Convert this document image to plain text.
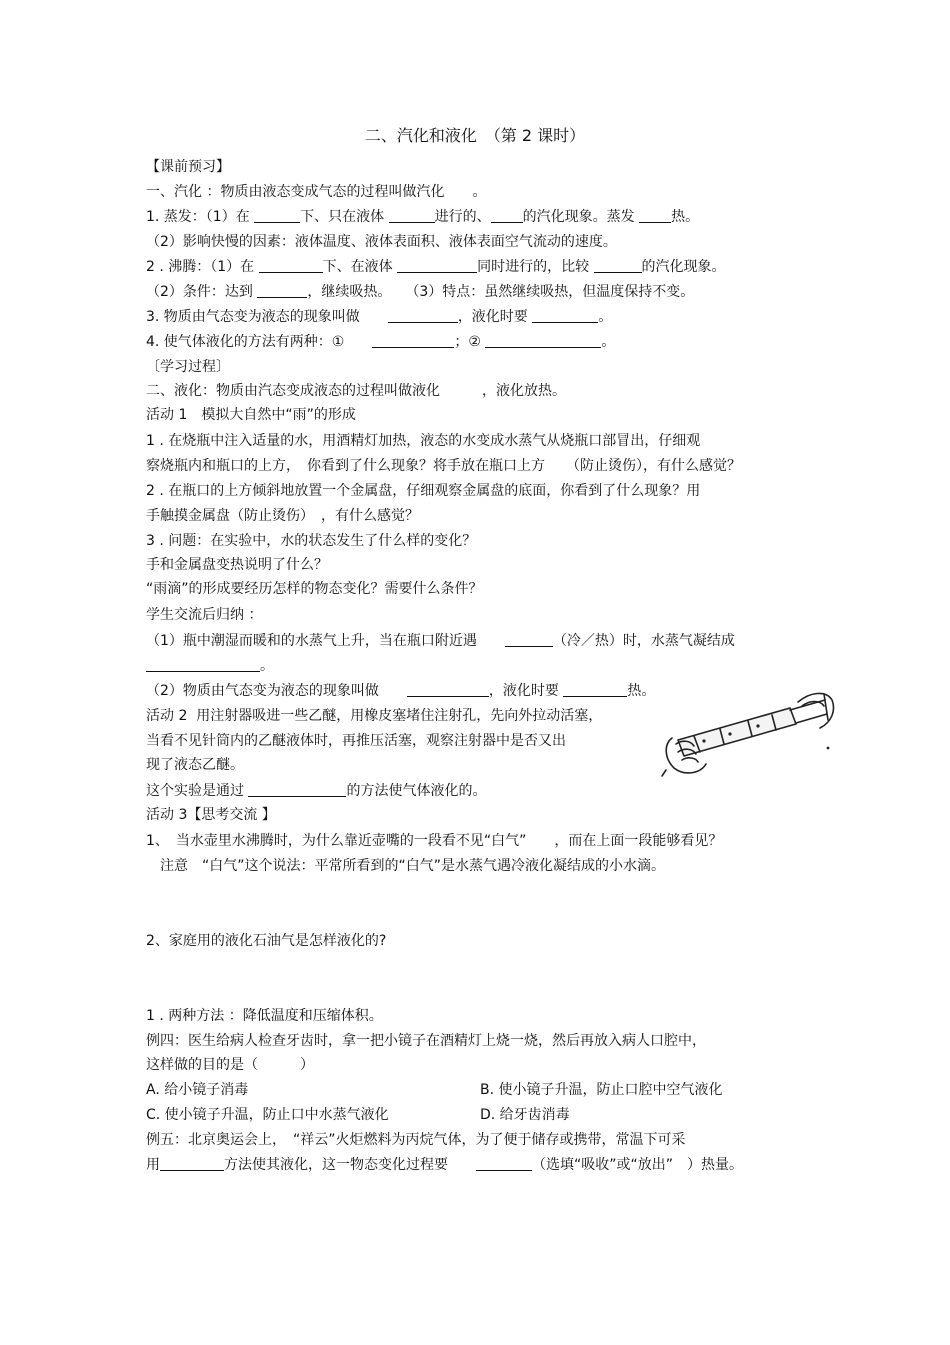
二、汽化和液化　（第 2 课时）
【课前预习】
一、汽化 ：物质由液态变成气态的过程叫做汽化　　。
1. 蒸发：（1）在	下、只在液体	进行的、 的汽化现象。蒸发 热。
（2）影响快慢的因素：液体温度、液体表面积、液体表面空气流动的速度。
2 . 沸腾：（1）在	下、在液体	同时进行的，比较	的汽化现象。
（2）条件：达到	，继续吸热。　　（3）特点：虽然继续吸热，但温度保持不变。
3. 物质由气态变为液态的现象叫做　　	，液化时要	。
4. 使气体液化的方法有两种：①　　	；②	。
〔学习过程〕
二、液化：物质由汽态变成液态的过程叫做液化　　　，液化放热。
活动 1　模拟大自然中“雨”的形成
1 . 在烧瓶中注入适量的水，用酒精灯加热，液态的水变成水蒸气从烧瓶口部冒出，仔细观
察烧瓶内和瓶口的上方，　你看到了什么现象？将手放在瓶口上方　　（防止烫伤），有什么感觉？
2 . 在瓶口的上方倾斜地放置一个金属盘，仔细观察金属盘的底面，你看到了什么现象？用
手触摸金属盘（防止烫伤）　，有什么感觉？
3 . 问题：在实验中，水的状态发生了什么样的变化？
手和金属盘变热说明了什么？
“雨滴”的形成要经历怎样的物态变化？需要什么条件？
学生交流后归纳 ：
（1）瓶中潮湿而暖和的水蒸气上升，当在瓶口附近遇　　	（冷／热）时，水蒸气凝结成
。
（2）物质由气态变为液态的现象叫做　　	，液化时要	热。
活动 2  用注射器吸进一些乙醚，用橡皮塞堵住注射孔，先向外拉动活塞，
当看不见针筒内的乙醚液体时，再推压活塞，观察注射器中是否又出
现了液态乙醚。
这个实验是通过	的方法使气体液化的。
活动 3【思考交流 】
1、　当水壶里水沸腾时，为什么靠近壶嘴的一段看不见“白气”　　，而在上面一段能够看见？
　注意　“白气”这个说法：平常所看到的“白气”是水蒸气遇冷液化凝结成的小水滴。
2、家庭用的液化石油气是怎样液化的?
1 . 两种方法 ：降低温度和压缩体积。
例四：医生给病人检查牙齿时，拿一把小镜子在酒精灯上烧一烧，然后再放入病人口腔中，
这样做的目的是（　　　）
A. 给小镜子消毒	B. 使小镜子升温，防止口腔中空气液化
C. 使小镜子升温，防止口中水蒸气液化	D. 给牙齿消毒
例五：北京奥运会上，　“祥云”火炬燃料为丙烷气体，为了便于储存或携带，常温下可采
用	方法使其液化，这一物态变化过程要　　	（选填“吸收”或“放出”　）热量。
